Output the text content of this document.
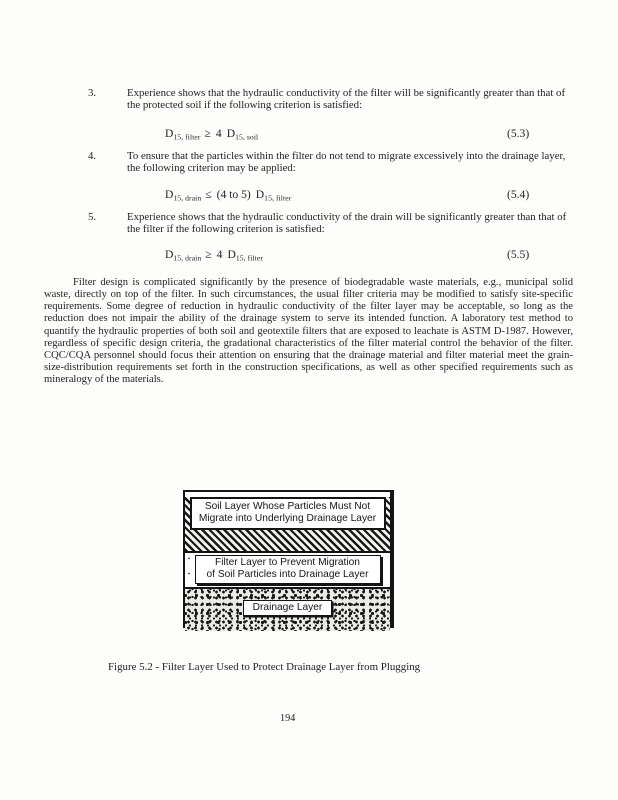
3.	Experience shows that the hydraulic conductivity of the filter will be significantly greater than that of the protected soil if the following criterion is satisfied:
$D_{15, filter} \ge 4$ $D_{15, soil}$	(5.3)
4.	To ensure that the particles within the filter do not tend to migrate excessively into the drainage layer, the following criterion may be applied:
$D_{15, drain} \le (4$ to 5) $D_{15, filter}$	(5.4)
5.	Experience shows that the hydraulic conductivity of the drain will be significantly greater than that of the filter if the following criterion is satisfied:
$D_{15, drain} \ge 4$ $D_{15, filter}$	(5.5)
Filter design is complicated significantly by the presence of biodegradable waste materials, e.g., municipal solid waste, directly on top of the filter. In such circumstances, the usual filter criteria may be modified to satisfy site-specific requirements. Some degree of reduction in hydraulic conductivity of the filter layer may be acceptable, so long as the reduction does not impair the ability of the drainage system to serve its intended function. A laboratory test method to quantify the hydraulic properties of both soil and geotextile filters that are exposed to leachate is ASTM D-1987. However, regardless of specific design criteria, the gradational characteristics of the filter material control the behavior of the filter. CQC/CQA personnel should focus their attention on ensuring that the drainage material and filter material meet the grain-size-distribution requirements set forth in the construction specifications, as well as other specified requirements such as mineralogy of the materials.
Soil Layer Whose Particles Must Not
Migrate into Underlying Drainage Layer
Filter Layer to Prevent Migration
of Soil Particles into Drainage Layer
Drainage Layer
Figure 5.2 - Filter Layer Used to Protect Drainage Layer from Plugging
194
